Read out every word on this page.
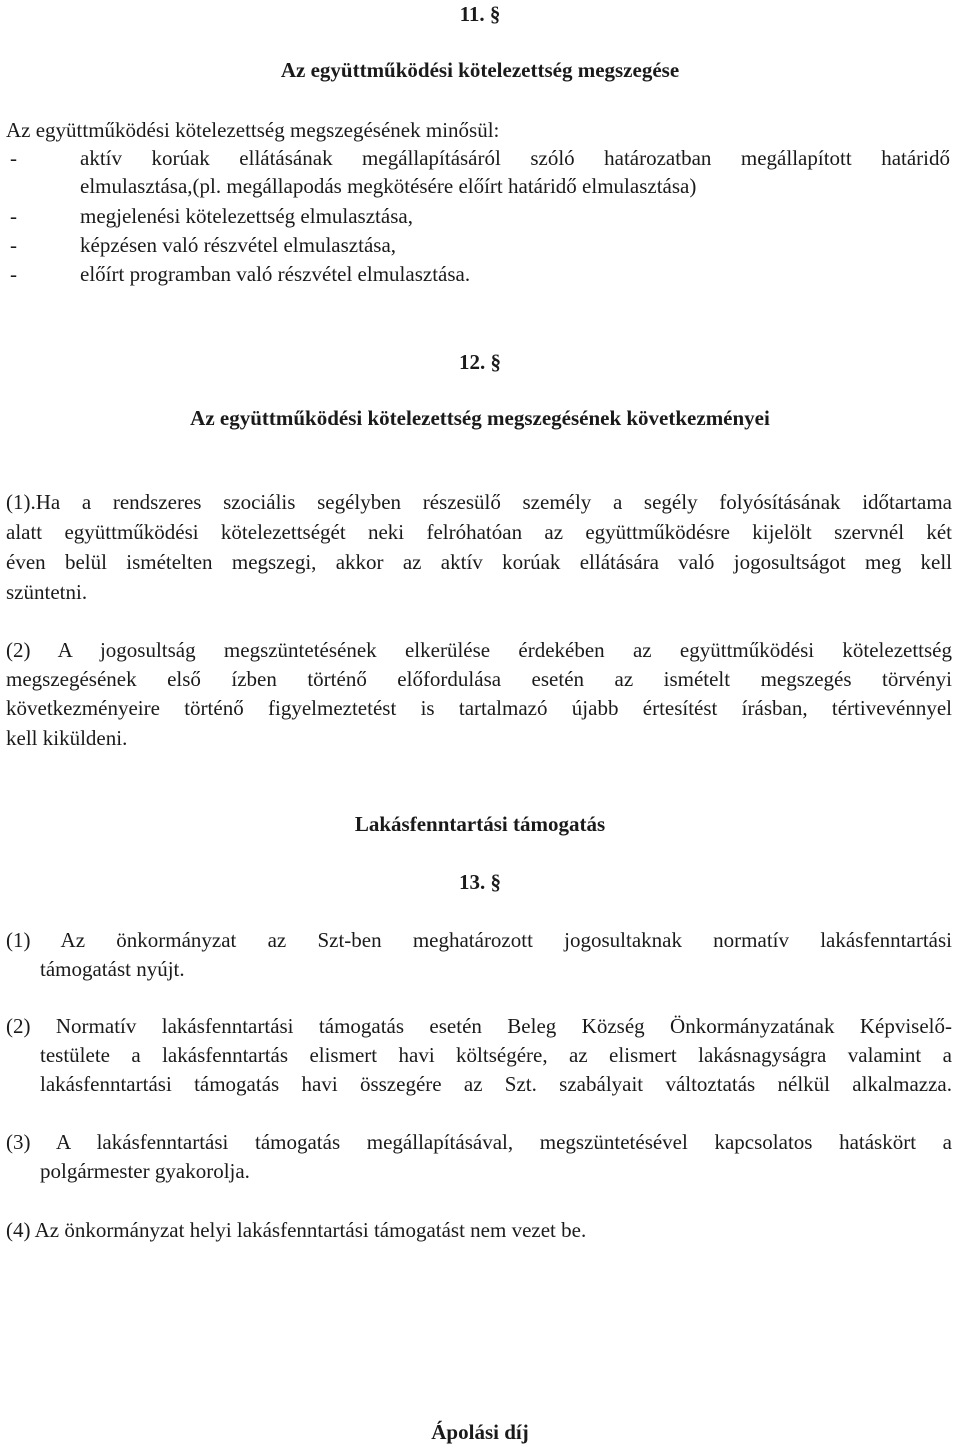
11. §
Az együttműködési kötelezettség megszegése
Az együttműködési kötelezettség megszegésének minősül:
-	aktív korúak ellátásának megállapításáról szóló határozatban megállapított határidő
elmulasztása,(pl. megállapodás megkötésére előírt határidő elmulasztása)
-	megjelenési kötelezettség elmulasztása,
-	képzésen való részvétel elmulasztása,
-	előírt programban való részvétel elmulasztása.
12. §
Az együttműködési kötelezettség megszegésének következményei
(1).Ha a rendszeres szociális segélyben részesülő személy a segély folyósításának időtartama
alatt együttműködési kötelezettségét neki felróhatóan az együttműködésre kijelölt szervnél két
éven belül ismételten megszegi, akkor az aktív korúak ellátására való jogosultságot meg kell
szüntetni.
(2) A jogosultság megszüntetésének elkerülése érdekében az együttműködési kötelezettség
megszegésének első ízben történő előfordulása esetén az ismételt megszegés törvényi
következményeire történő figyelmeztetést is tartalmazó újabb értesítést írásban, tértivevénnyel
kell kiküldeni.
Lakásfenntartási támogatás
13. §
(1) Az önkormányzat az Szt-ben meghatározott jogosultaknak normatív lakásfenntartási
támogatást nyújt.
(2) Normatív lakásfenntartási támogatás esetén Beleg Község Önkormányzatának Képviselő-
testülete a lakásfenntartás elismert havi költségére, az elismert lakásnagyságra valamint a
lakásfenntartási támogatás havi összegére az Szt. szabályait változtatás nélkül alkalmazza.
(3) A lakásfenntartási támogatás megállapításával, megszüntetésével kapcsolatos hatáskört a
polgármester gyakorolja.
(4) Az önkormányzat helyi lakásfenntartási támogatást nem vezet be.
Ápolási díj
